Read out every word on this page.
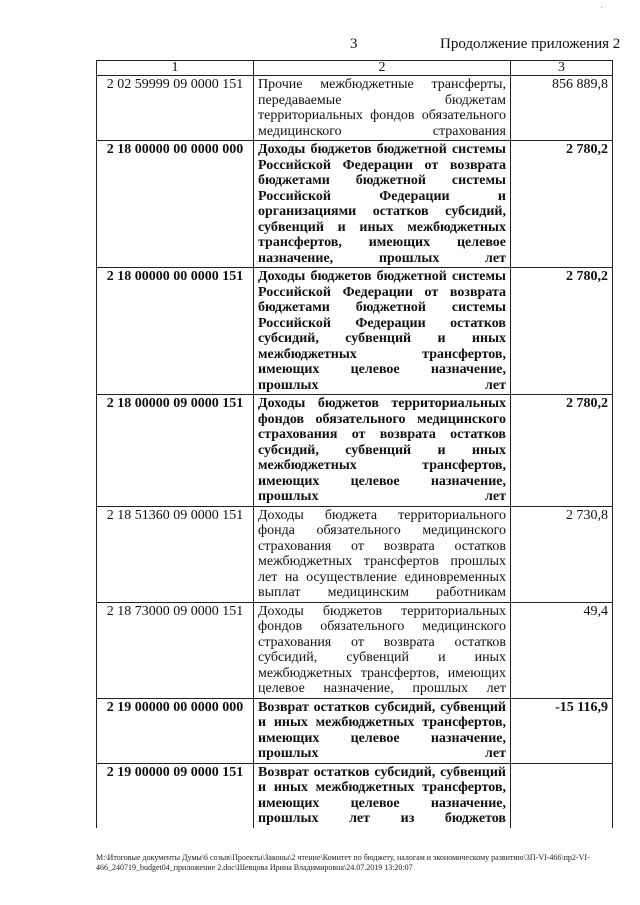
ˊ
3	Продолжение приложения 2
1	2	3
2 02 59999 09 0000 151	Прочие межбюджетные трансферты, передаваемые бюджетам территориальных фондов обязательного медицинского страхования	856 889,8
2 18 00000 00 0000 000	Доходы бюджетов бюджетной системы Российской Федерации от возврата бюджетами бюджетной системы Российской Федерации и организациями остатков субсидий, субвенций и иных межбюджетных трансфертов, имеющих целевое назначение, прошлых лет	2 780,2
2 18 00000 00 0000 151	Доходы бюджетов бюджетной системы Российской Федерации от возврата бюджетами бюджетной системы Российской Федерации остатков субсидий, субвенций и иных межбюджетных трансфертов, имеющих целевое назначение, прошлых лет	2 780,2
2 18 00000 09 0000 151	Доходы бюджетов территориальных фондов обязательного медицинского страхования от возврата остатков субсидий, субвенций и иных межбюджетных трансфертов, имеющих целевое назначение, прошлых лет	2 780,2
2 18 51360 09 0000 151	Доходы бюджета территориального фонда обязательного медицинского страхования от возврата остатков межбюджетных трансфертов прошлых лет на осуществление единовременных выплат медицинским работникам	2 730,8
2 18 73000 09 0000 151	Доходы бюджетов территориальных фондов обязательного медицинского страхования от возврата остатков субсидий, субвенций и иных межбюджетных трансфертов, имеющих целевое назначение, прошлых лет	49,4
2 19 00000 00 0000 000	Возврат остатков субсидий, субвенций и иных межбюджетных трансфертов, имеющих целевое назначение, прошлых лет	-15 116,9
2 19 00000 09 0000 151	Возврат остатков субсидий, субвенций и иных межбюджетных трансфертов, имеющих целевое назначение, прошлых лет из бюджетов	
M:\Итоговые документы Думы\6 созыв\Проекты\Законы\2 чтение\Комитет по бюджету, налогам и экономическому развитию\3П-VI-466\пр2-VI-466_240719_budget04_приложение 2.doc\Шевцова Ирина Владимировна\24.07.2019 13:20:07
